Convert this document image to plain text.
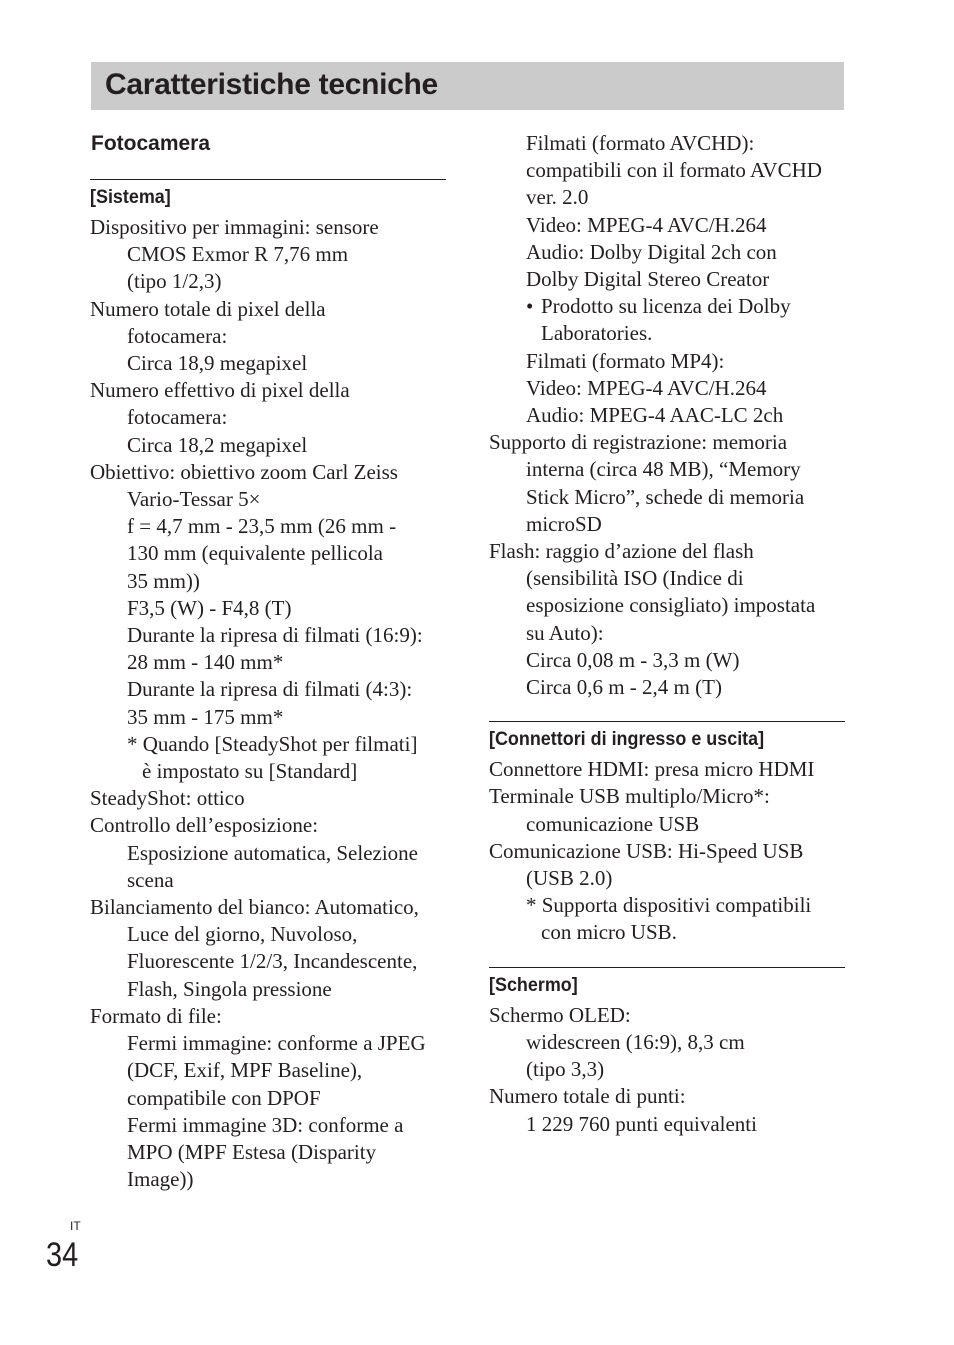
Caratteristiche tecniche
Fotocamera
[Sistema]
Dispositivo per immagini: sensore
CMOS Exmor R 7,76 mm
(tipo 1/2,3)
Numero totale di pixel della
fotocamera:
Circa 18,9 megapixel
Numero effettivo di pixel della
fotocamera:
Circa 18,2 megapixel
Obiettivo: obiettivo zoom Carl Zeiss
Vario-Tessar 5×
f = 4,7 mm - 23,5 mm (26 mm -
130 mm (equivalente pellicola
35 mm))
F3,5 (W) - F4,8 (T)
Durante la ripresa di filmati (16:9):
28 mm - 140 mm*
Durante la ripresa di filmati (4:3):
35 mm - 175 mm*
* Quando [SteadyShot per filmati]
è impostato su [Standard]
SteadyShot: ottico
Controllo dell’esposizione:
Esposizione automatica, Selezione
scena
Bilanciamento del bianco: Automatico,
Luce del giorno, Nuvoloso,
Fluorescente 1/2/3, Incandescente,
Flash, Singola pressione
Formato di file:
Fermi immagine: conforme a JPEG
(DCF, Exif, MPF Baseline),
compatibile con DPOF
Fermi immagine 3D: conforme a
MPO (MPF Estesa (Disparity
Image))
Filmati (formato AVCHD):
compatibili con il formato AVCHD
ver. 2.0
Video: MPEG-4 AVC/H.264
Audio: Dolby Digital 2ch con
Dolby Digital Stereo Creator
• Prodotto su licenza dei Dolby
Laboratories.
Filmati (formato MP4):
Video: MPEG-4 AVC/H.264
Audio: MPEG-4 AAC-LC 2ch
Supporto di registrazione: memoria
interna (circa 48 MB), “Memory
Stick Micro”, schede di memoria
microSD
Flash: raggio d’azione del flash
(sensibilità ISO (Indice di
esposizione consigliato) impostata
su Auto):
Circa 0,08 m - 3,3 m (W)
Circa 0,6 m - 2,4 m (T)
[Connettori di ingresso e uscita]
Connettore HDMI: presa micro HDMI
Terminale USB multiplo/Micro*:
comunicazione USB
Comunicazione USB: Hi-Speed USB
(USB 2.0)
* Supporta dispositivi compatibili
con micro USB.
[Schermo]
Schermo OLED:
widescreen (16:9), 8,3 cm
(tipo 3,3)
Numero totale di punti:
1 229 760 punti equivalenti
IT
34
